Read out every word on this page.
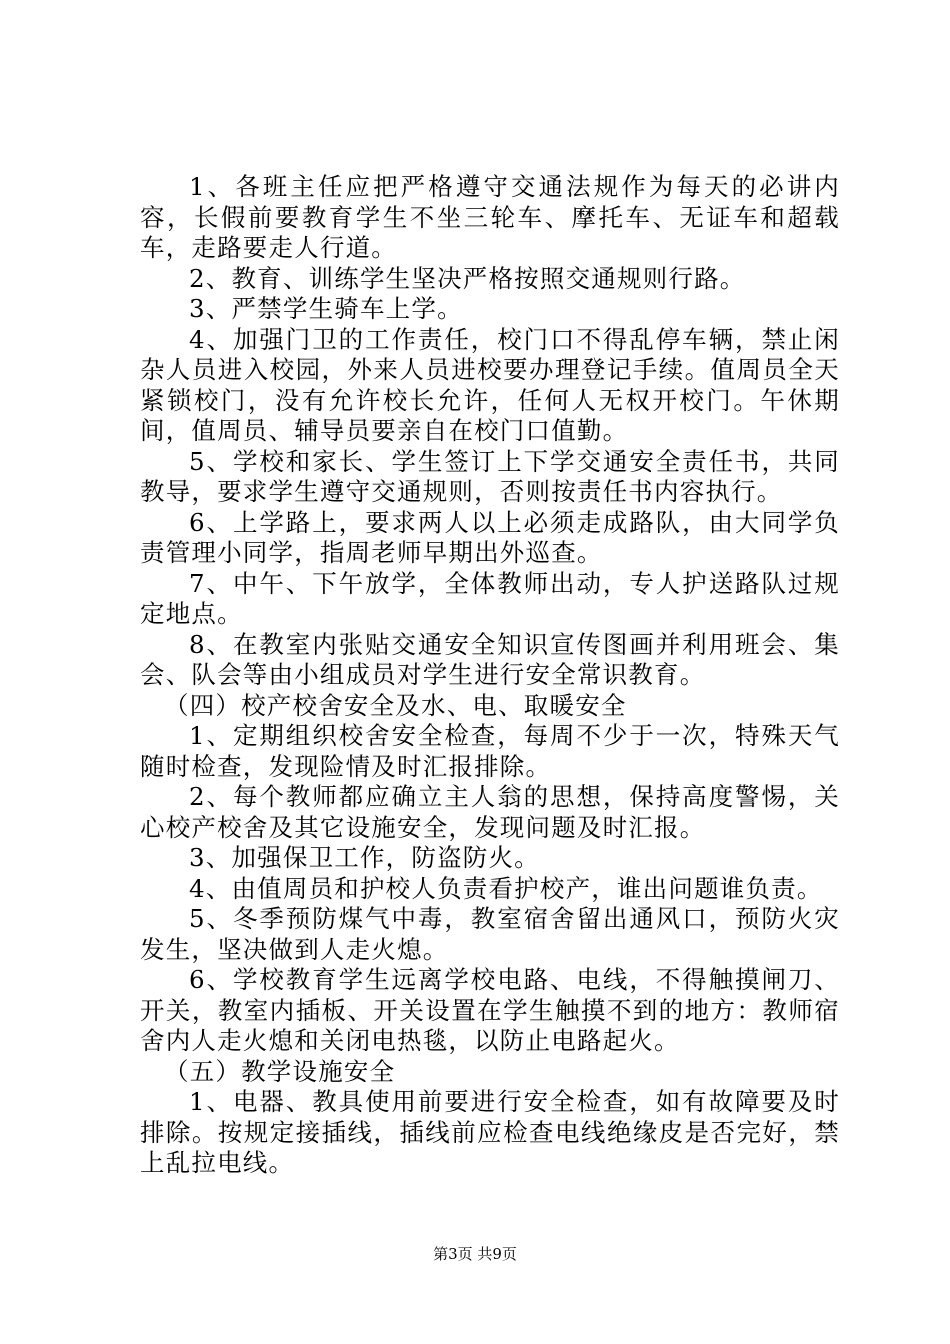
1、各班主任应把严格遵守交通法规作为每天的必讲内容，长假前要教育学生不坐三轮车、摩托车、无证车和超载车，走路要走人行道。

2、教育、训练学生坚决严格按照交通规则行路。

3、严禁学生骑车上学。

4、加强门卫的工作责任，校门口不得乱停车辆，禁止闲杂人员进入校园，外来人员进校要办理登记手续。值周员全天紧锁校门，没有允许校长允许，任何人无权开校门。午休期间，值周员、辅导员要亲自在校门口值勤。

5、学校和家长、学生签订上下学交通安全责任书，共同教导，要求学生遵守交通规则，否则按责任书内容执行。

6、上学路上，要求两人以上必须走成路队，由大同学负责管理小同学，指周老师早期出外巡查。

7、中午、下午放学，全体教师出动，专人护送路队过规定地点。

8、在教室内张贴交通安全知识宣传图画并利用班会、集会、队会等由小组成员对学生进行安全常识教育。

（四）校产校舍安全及水、电、取暖安全

1、定期组织校舍安全检查，每周不少于一次，特殊天气随时检查，发现险情及时汇报排除。

2、每个教师都应确立主人翁的思想，保持高度警惕，关心校产校舍及其它设施安全，发现问题及时汇报。

3、加强保卫工作，防盗防火。

4、由值周员和护校人负责看护校产，谁出问题谁负责。

5、冬季预防煤气中毒，教室宿舍留出通风口，预防火灾发生，坚决做到人走火熄。

6、学校教育学生远离学校电路、电线，不得触摸闸刀、开关，教室内插板、开关设置在学生触摸不到的地方：教师宿舍内人走火熄和关闭电热毯，以防止电路起火。

（五）教学设施安全

1、电器、教具使用前要进行安全检查，如有故障要及时排除。按规定接插线，插线前应检查电线绝缘皮是否完好，禁上乱拉电线。

第3页 共9页
